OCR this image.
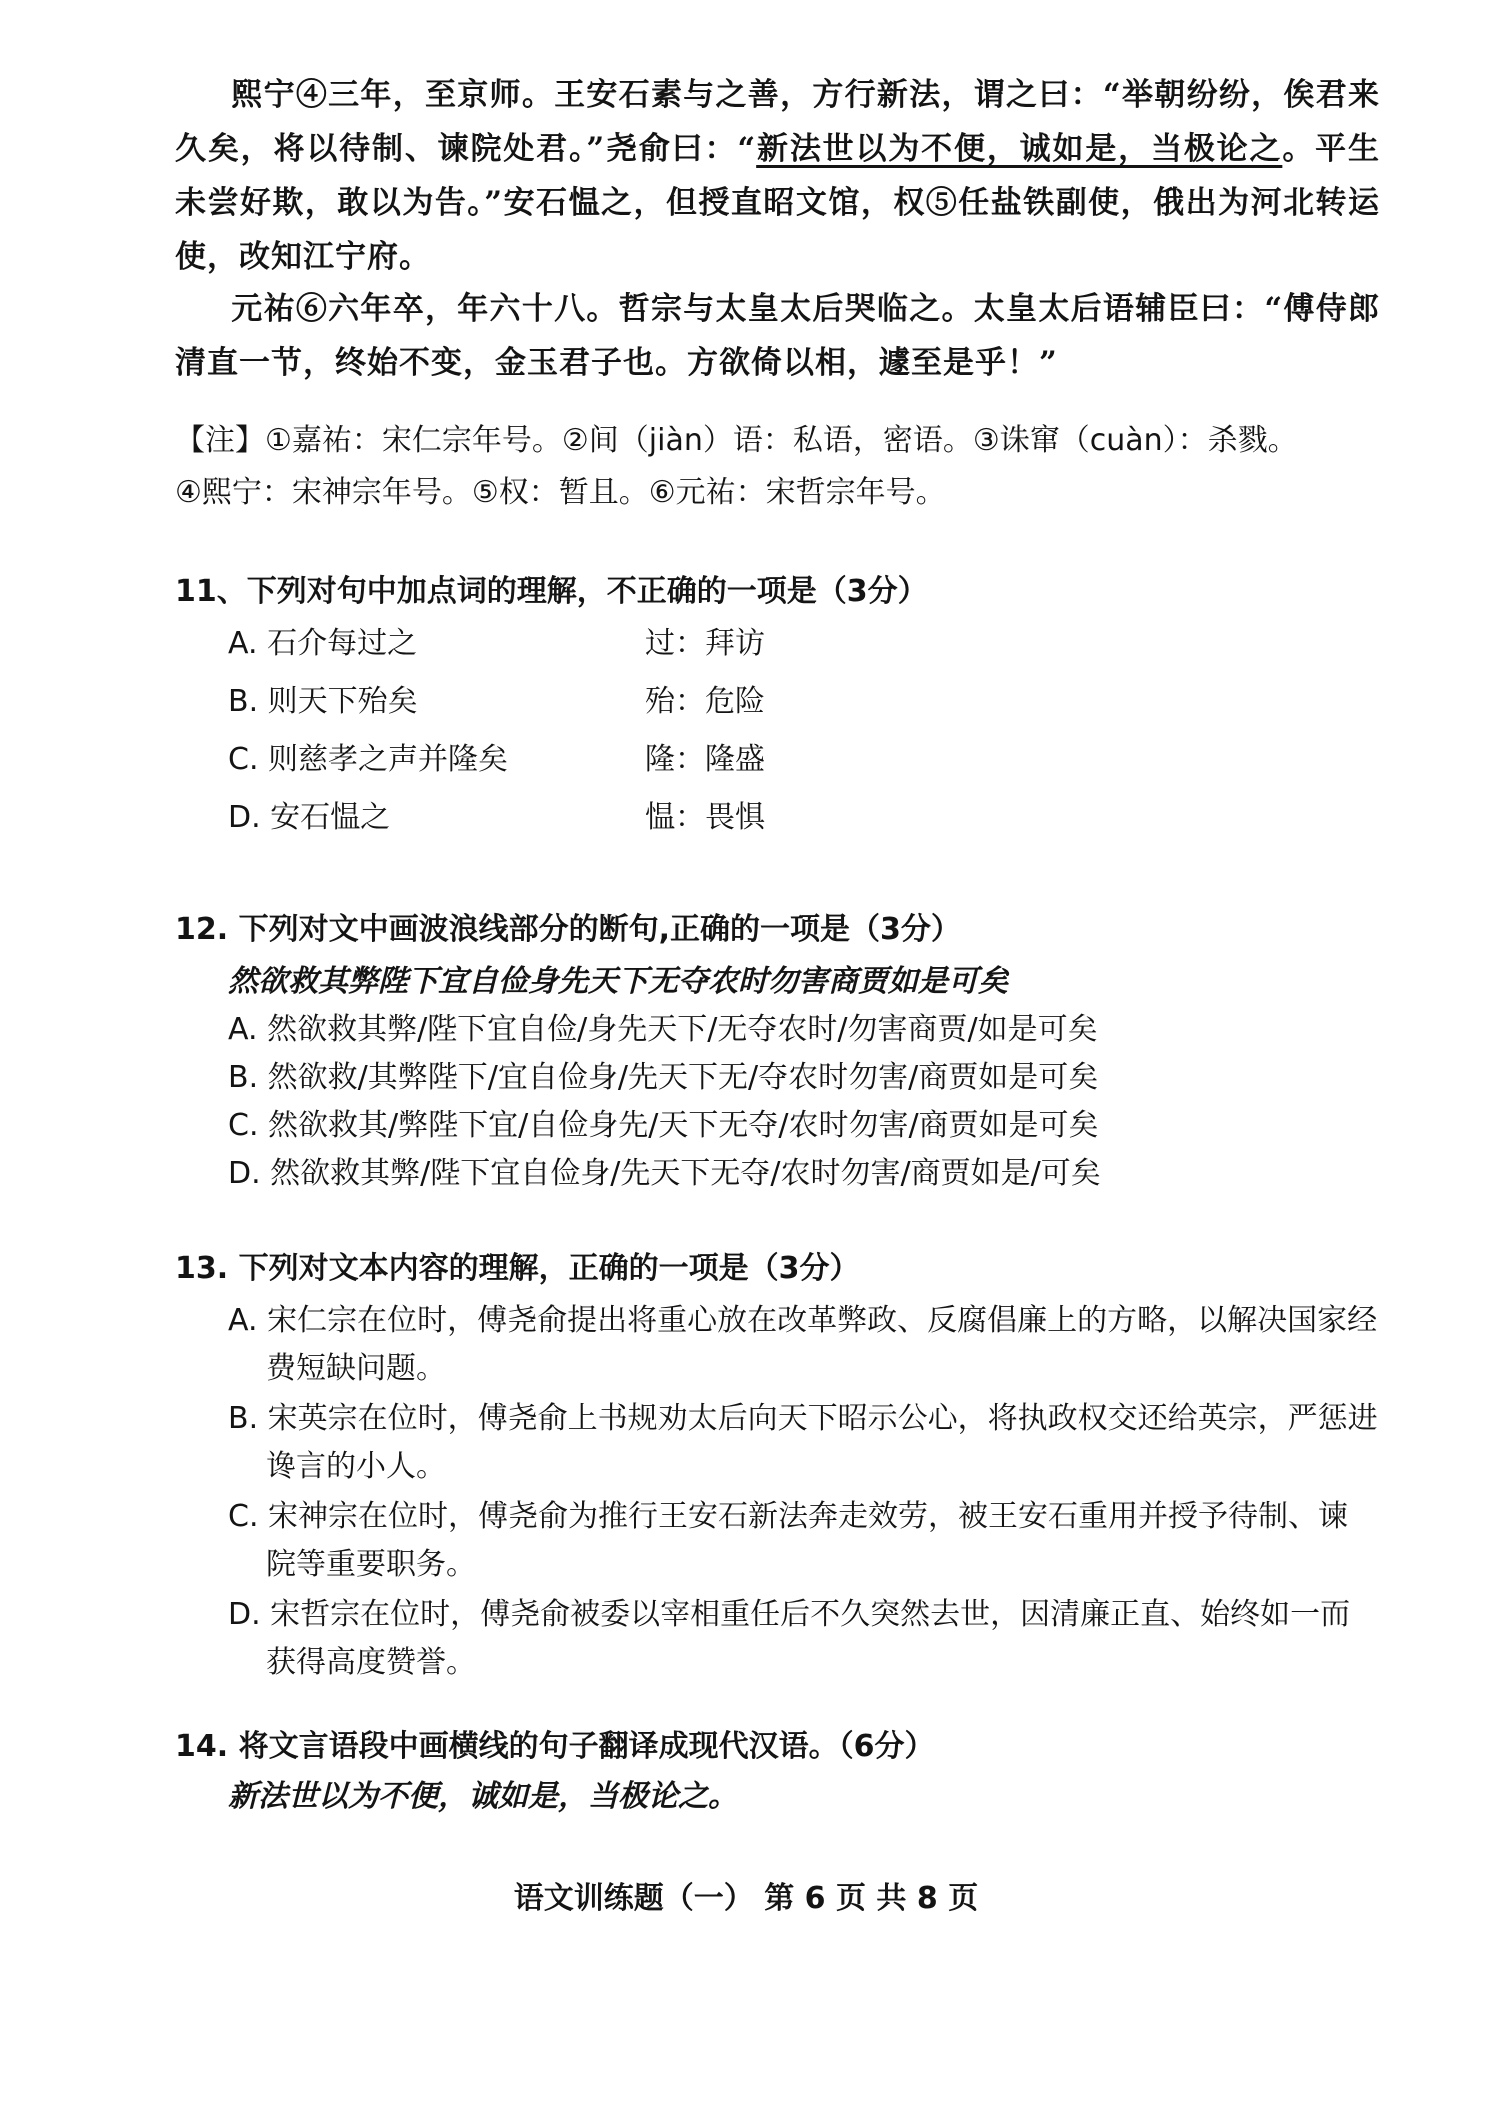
熙宁④三年，至京师。王安石素与之善，方行新法，谓之曰：“举朝纷纷，俟君来久矣，将以待制、谏院处君。”尧俞曰：“新法世以为不便，诚如是，当极论之。平生未尝好欺，敢以为告。”安石愠之，但授直昭文馆，权⑤任盐铁副使，俄出为河北转运使，改知江宁府。
元祐⑥六年卒，年六十八。哲宗与太皇太后哭临之。太皇太后语辅臣曰：“傅侍郎清直一节，终始不变，金玉君子也。方欲倚以相，遽至是乎！”
【注】①嘉祐：宋仁宗年号。②间（jiàn）语：私语，密语。③诛窜（cuàn）：杀戮。
④熙宁：宋神宗年号。⑤权：暂且。⑥元祐：宋哲宗年号。
11、下列对句中加点词的理解，不正确的一项是（3分）
A. 石介每过之	过：拜访
B. 则天下殆矣	殆：危险
C. 则慈孝之声并隆矣	隆：隆盛
D. 安石愠之	愠：畏惧
12. 下列对文中画波浪线部分的断句,正确的一项是（3分）
然欲救其弊陛下宜自俭身先天下无夺农时勿害商贾如是可矣
A. 然欲救其弊/陛下宜自俭/身先天下/无夺农时/勿害商贾/如是可矣
B. 然欲救/其弊陛下/宜自俭身/先天下无/夺农时勿害/商贾如是可矣
C. 然欲救其/弊陛下宜/自俭身先/天下无夺/农时勿害/商贾如是可矣
D. 然欲救其弊/陛下宜自俭身/先天下无夺/农时勿害/商贾如是/可矣
13. 下列对文本内容的理解，正确的一项是（3分）
A. 宋仁宗在位时，傅尧俞提出将重心放在改革弊政、反腐倡廉上的方略，以解决国家经费短缺问题。
B. 宋英宗在位时，傅尧俞上书规劝太后向天下昭示公心，将执政权交还给英宗，严惩进谗言的小人。
C. 宋神宗在位时，傅尧俞为推行王安石新法奔走效劳，被王安石重用并授予待制、谏院等重要职务。
D. 宋哲宗在位时，傅尧俞被委以宰相重任后不久突然去世，因清廉正直、始终如一而获得高度赞誉。
14. 将文言语段中画横线的句子翻译成现代汉语。（6分）
新法世以为不便，诚如是，当极论之。
语文训练题（一） 第 6 页 共 8 页
